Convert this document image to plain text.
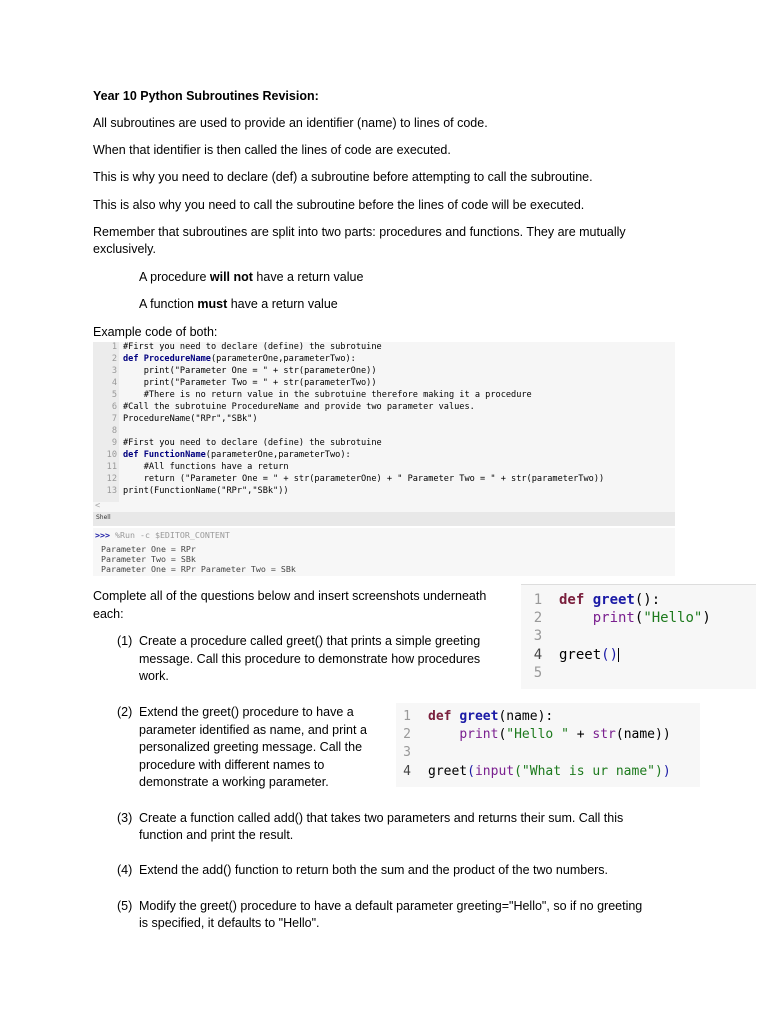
Year 10 Python Subroutines Revision:
All subroutines are used to provide an identifier (name) to lines of code.
When that identifier is then called the lines of code are executed.
This is why you need to declare (def) a subroutine before attempting to call the subroutine.
This is also why you need to call the subroutine before the lines of code will be executed.
Remember that subroutines are split into two parts: procedures and functions. They are mutually
exclusively.
A procedure will not have a return value
A function must have a return value
Example code of both:
1
2
3
4
5
6
7
8
9
10
11
12
13
#First you need to declare (define) the subrotuine
def ProcedureName(parameterOne,parameterTwo):
print("Parameter One = " + str(parameterOne))
print("Parameter Two = " + str(parameterTwo))
#There is no return value in the subrotuine therefore making it a procedure
#Call the subrotuine ProcedureName and provide two parameter values.
ProcedureName("RPr","SBk")
#First you need to declare (define) the subrotuine
def FunctionName(parameterOne,parameterTwo):
#All functions have a return
return ("Parameter One = " + str(parameterOne) + " Parameter Two = " + str(parameterTwo))
print(FunctionName("RPr","SBk"))
<
Shell
>>> %Run -c $EDITOR_CONTENT
Parameter One = RPr
Parameter Two = SBk
Parameter One = RPr Parameter Two = SBk
Complete all of the questions below and insert screenshots underneath
each:
1
2
3
4
5
def greet():
print("Hello")
greet()
(1) Create a procedure called greet() that prints a simple greeting
message. Call this procedure to demonstrate how procedures
work.
1
2
3
4
def greet(name):
print("Hello " + str(name))
greet(input("What is ur name"))
(2) Extend the greet() procedure to have a
parameter identified as name, and print a
personalized greeting message. Call the
procedure with different names to
demonstrate a working parameter.
(3) Create a function called add() that takes two parameters and returns their sum. Call this
function and print the result.
(4) Extend the add() function to return both the sum and the product of the two numbers.
(5) Modify the greet() procedure to have a default parameter greeting="Hello", so if no greeting
is specified, it defaults to "Hello".
